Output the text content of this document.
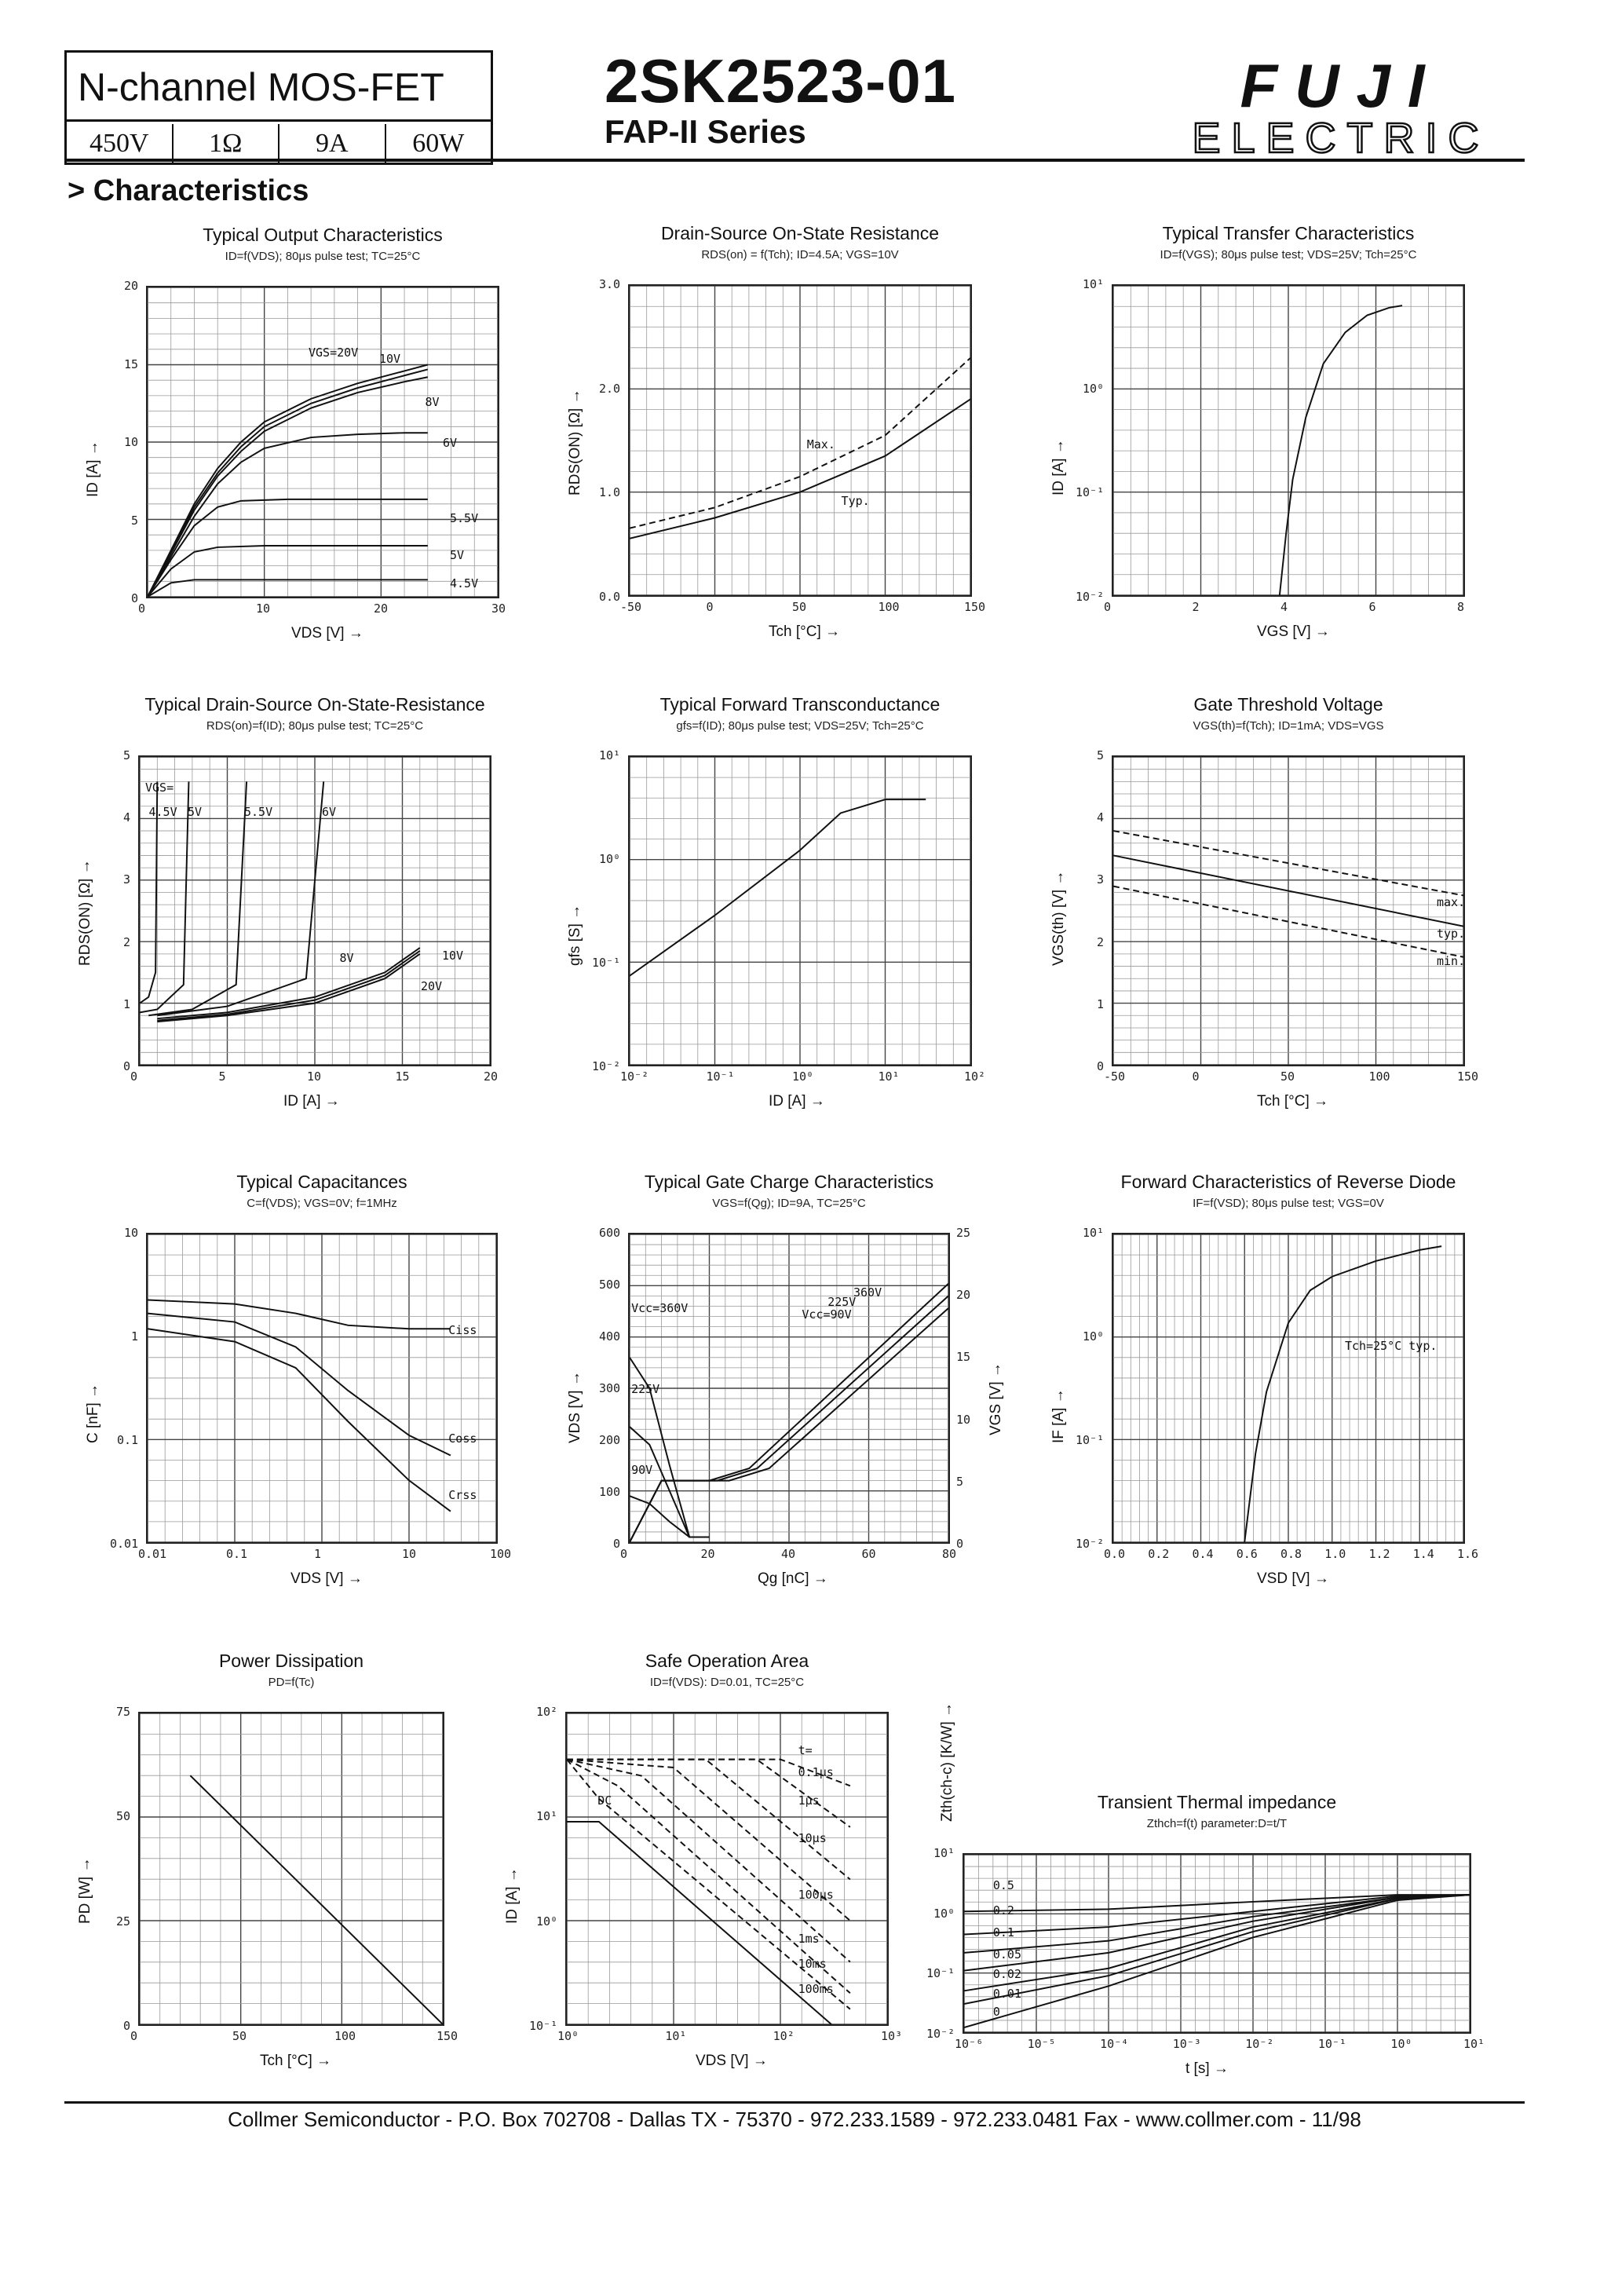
N-channel MOS-FET
450V	1Ω	9A	60W
2SK2523-01
FAP-II Series
FUJI
ELECTRIC
> Characteristics
Typical Output Characteristics
ID=f(VDS); 80μs pulse test; TC=25°C
0	10	20	30
20
15
10
5
0
VDS [V] →
ID [A] →
VGS=20V 10V
8V
6V
5.5V
5V
4.5V
Drain-Source On-State Resistance
RDS(on) = f(Tch); ID=4.5A; VGS=10V
-50	0	50	100	150
3.0
2.0
1.0
0.0
Tch [°C] →
RDS(ON) [Ω] →	Max.
Typ.
Typical Transfer Characteristics
ID=f(VGS); 80μs pulse test; VDS=25V; Tch=25°C
0	2	4	6	8
10¹
10⁰
10⁻¹
10⁻²
VGS [V] →
ID [A] →
Typical Drain-Source On-State-Resistance
RDS(on)=f(ID); 80μs pulse test; TC=25°C
0	5	10	15	20
5
4
3
2
1
0
ID [A] →
RDS(ON) [Ω] →
VGS=
4.5V 5V	5.5V	6V
8V	10V
20V
Typical Forward Transconductance
gfs=f(ID); 80μs pulse test; VDS=25V; Tch=25°C
10⁻²	10⁻¹	10⁰	10¹	10²
10¹
10⁰
10⁻¹
10⁻²
ID [A] →
gfs [S] →
Gate Threshold Voltage
VGS(th)=f(Tch); ID=1mA; VDS=VGS
-50	0	50	100	150
5
4
3
2
1
0
Tch [°C] →
VGS(th) [V] →	max.
typ.
min.
Typical Capacitances
C=f(VDS); VGS=0V; f=1MHz
0.01	0.1	1	10	100
10
1
0.1
0.01
VDS [V] →
C [nF] →
Ciss
Coss
Crss
Typical Gate Charge Characteristics
VGS=f(Qg); ID=9A, TC=25°C
0	20	40	60	80
600
500
400
300
200
100
0
25
20
15
10
5
0
Qg [nC] →
VDS [V] →	VGS [V] →
Vcc=360V
225V
90V
Vcc=90V
225V
360V
Forward Characteristics of Reverse Diode
IF=f(VSD); 80μs pulse test; VGS=0V
0.0 0.2 0.4 0.6 0.8 1.0 1.2 1.4 1.6
10¹
10⁰
10⁻¹
10⁻²
VSD [V] →
IF [A] →
Tch=25°C typ.
Power Dissipation
PD=f(Tc)
0	50	100	150
75
50
25
0
Tch [°C] →
PD [W] →
Safe Operation Area
ID=f(VDS): D=0.01, TC=25°C
10⁰	10¹	10²	10³
10²
10¹
10⁰
10⁻¹
VDS [V] →
ID [A] →
t=
0.1μs
1μs
10μs
100μs
1ms
10ms
100ms
DC	Transient Thermal impedance
Zthch=f(t) parameter:D=t/T
10⁻⁶	10⁻⁵	10⁻⁴	10⁻³	10⁻²	10⁻¹	10⁰	10¹
10¹
10⁰
10⁻¹
10⁻²
t [s] →
Zth(ch-c) [K/W] →
0.5
0.2
0.1
0.05
0.02
0.01
0
Collmer Semiconductor - P.O. Box 702708 - Dallas TX - 75370 - 972.233.1589 - 972.233.0481 Fax - www.collmer.com - 11/98
